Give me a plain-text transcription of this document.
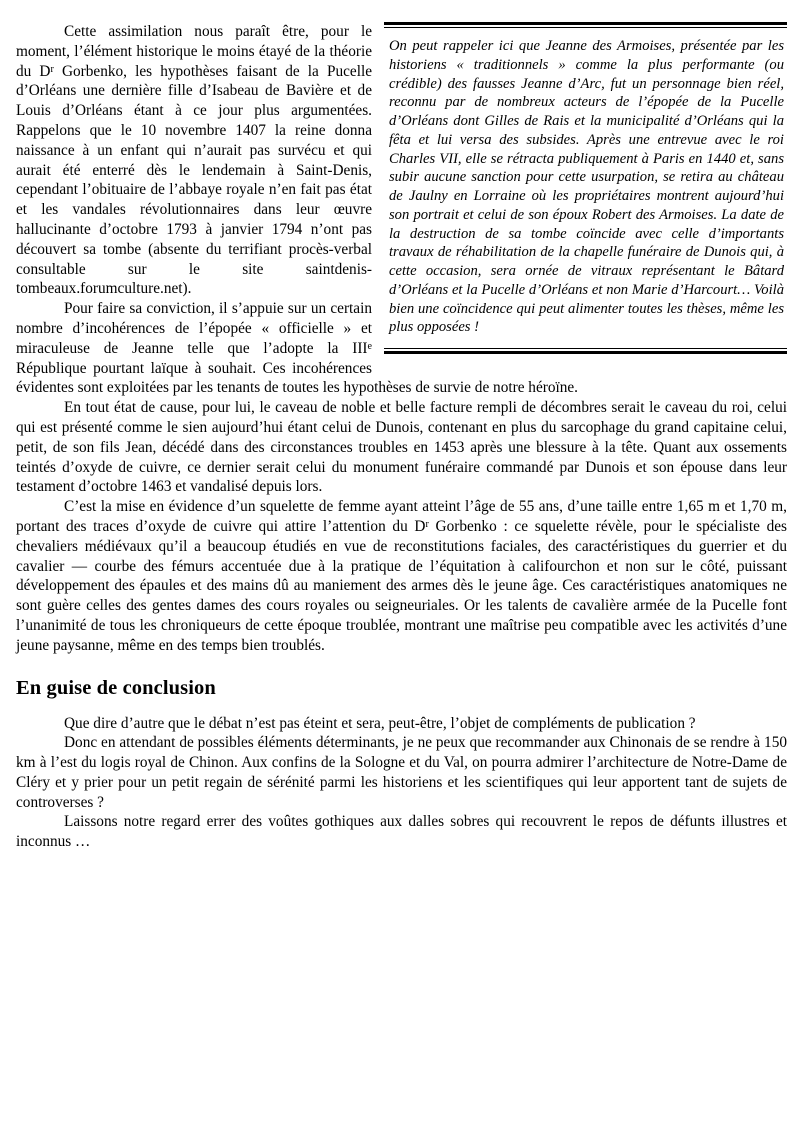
On peut rappeler ici que Jeanne des Armoises, présentée par les historiens « traditionnels » comme la plus performante (ou crédible) des fausses Jeanne d’Arc, fut un personnage bien réel, reconnu par de nombreux acteurs de l’épopée de la Pucelle d’Orléans dont Gilles de Rais et la municipalité d’Orléans qui la fêta et lui versa des subsides. Après une entrevue avec le roi Charles VII, elle se rétracta publiquement à Paris en 1440 et, sans subir aucune sanction pour cette usurpation, se retira au château de Jaulny en Lorraine où les propriétaires montrent aujourd’hui son portrait et celui de son époux Robert des Armoises. La date de la destruction de sa tombe coïncide avec celle d’importants travaux de réhabilitation de la chapelle funéraire de Dunois qui, à cette occasion, sera ornée de vitraux représentant le Bâtard d’Orléans et la Pucelle d’Orléans et non Marie d’Harcourt… Voilà bien une coïncidence qui peut alimenter toutes les thèses, même les plus opposées !

Cette assimilation nous paraît être, pour le moment, l’élément historique le moins étayé de la théorie du $D^r$ Gorbenko, les hypothèses faisant de la Pucelle d’Orléans une dernière fille d’Isabeau de Bavière et de Louis d’Orléans étant à ce jour plus argumentées. Rappelons que le 10 novembre 1407 la reine donna naissance à un enfant qui n’aurait pas survécu et qui aurait été enterré dès le lendemain à Saint-Denis, cependant l’obituaire de l’abbaye royale n’en fait pas état et les vandales révolutionnaires dans leur œuvre hallucinante d’octobre 1793 à janvier 1794 n’ont pas découvert sa tombe (absente du terrifiant procès-verbal consultable sur le site saintdenis-tombeaux.forumculture.net).

Pour faire sa conviction, il s’appuie sur un certain nombre d’incohérences de l’épopée « officielle » et miraculeuse de Jeanne telle que l’adopte la IIIe République pourtant laïque à souhait. Ces incohérences évidentes sont exploitées par les tenants de toutes les hypothèses de survie de notre héroïne.

En tout état de cause, pour lui, le caveau de noble et belle facture rempli de décombres serait le caveau du roi, celui qui est présenté comme le sien aujourd’hui étant celui de Dunois, contenant en plus du sarcophage du grand capitaine celui, petit, de son fils Jean, décédé dans des circonstances troubles en 1453 après une blessure à la tête. Quant aux ossements teintés d’oxyde de cuivre, ce dernier serait celui du monument funéraire commandé par Dunois et son épouse dans leur testament d’octobre 1463 et vandalisé depuis lors.

C’est la mise en évidence d’un squelette de femme ayant atteint l’âge de 55 ans, d’une taille entre 1,65 m et 1,70 m, portant des traces d’oxyde de cuivre qui attire l’attention du $D^r$ Gorbenko : ce squelette révèle, pour le spécialiste des chevaliers médiévaux qu’il a beaucoup étudiés en vue de reconstitutions faciales, des caractéristiques du guerrier et du cavalier — courbe des fémurs accentuée due à la pratique de l’équitation à califourchon et non sur le côté, puissant développement des épaules et des mains dû au maniement des armes dès le jeune âge. Ces caractéristiques anatomiques ne sont guère celles des gentes dames des cours royales ou seigneuriales. Or les talents de cavalière armée de la Pucelle font l’unanimité de tous les chroniqueurs de cette époque troublée, montrant une maîtrise peu compatible avec les activités d’une jeune paysanne, même en des temps bien troublés.

En guise de conclusion

Que dire d’autre que le débat n’est pas éteint et sera, peut-être, l’objet de compléments de publication ?

Donc en attendant de possibles éléments déterminants, je ne peux que recommander aux Chinonais de se rendre à 150 km à l’est du logis royal de Chinon. Aux confins de la Sologne et du Val, on pourra admirer l’architecture de Notre-Dame de Cléry et y prier pour un petit regain de sérénité parmi les historiens et les scientifiques qui leur apportent tant de sujets de controverses ?

Laissons notre regard errer des voûtes gothiques aux dalles sobres qui recouvrent le repos de défunts illustres et inconnus …
